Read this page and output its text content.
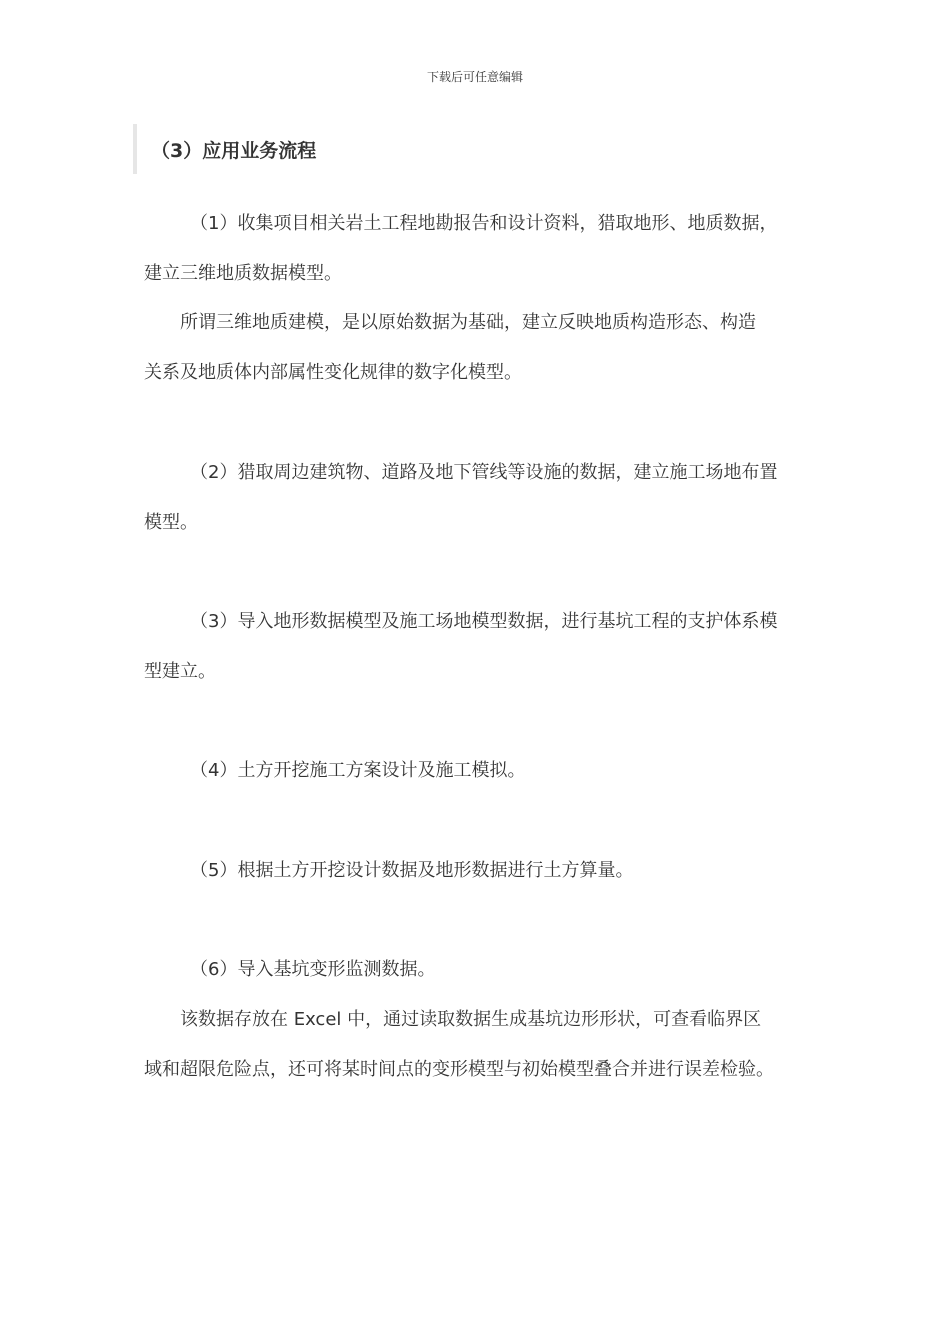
下载后可任意编辑
（3）应用业务流程
（1）收集项目相关岩土工程地勘报告和设计资料，猎取地形、地质数据，
建立三维地质数据模型。
所谓三维地质建模，是以原始数据为基础，建立反映地质构造形态、构造
关系及地质体内部属性变化规律的数字化模型。
（2）猎取周边建筑物、道路及地下管线等设施的数据，建立施工场地布置
模型。
（3）导入地形数据模型及施工场地模型数据，进行基坑工程的支护体系模
型建立。
（4）土方开挖施工方案设计及施工模拟。
（5）根据土方开挖设计数据及地形数据进行土方算量。
（6）导入基坑变形监测数据。
该数据存放在 Excel 中，通过读取数据生成基坑边形形状，可查看临界区
域和超限危险点，还可将某时间点的变形模型与初始模型叠合并进行误差检验。
